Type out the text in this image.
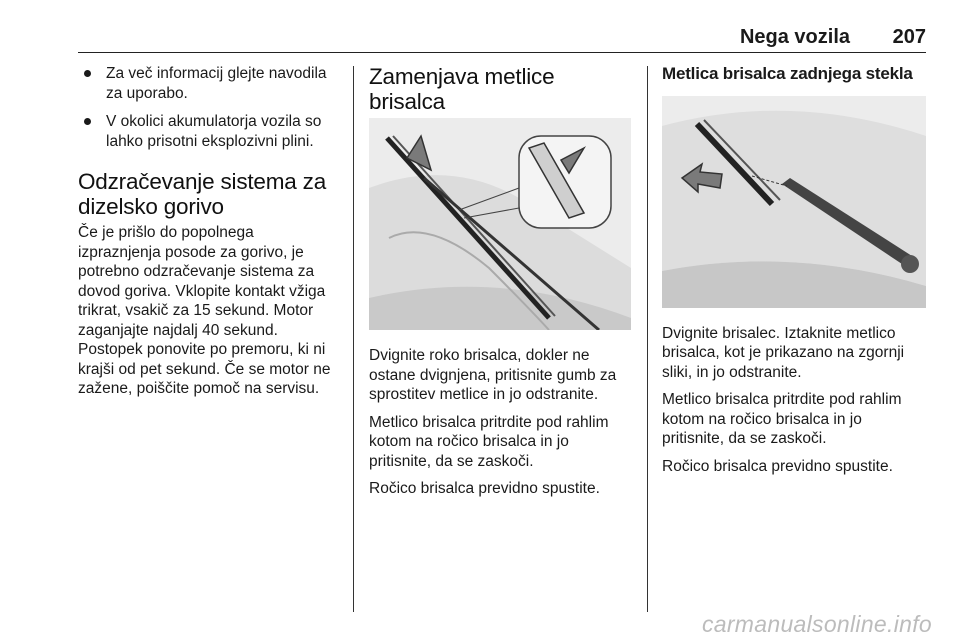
Nega vozila 207
Za več informacij glejte navodila za uporabo.
V okolici akumulatorja vozila so lahko prisotni eksplozivni plini.
Odzračevanje sistema za dizelsko gorivo

Če je prišlo do popolnega izpraznjenja posode za gorivo, je potrebno odzračevanje sistema za dovod goriva. Vklopite kontakt vžiga trikrat, vsakič za 15 sekund. Motor zaganjajte najdalj 40 sekund. Postopek ponovite po premoru, ki ni krajši od pet sekund. Če se motor ne zažene, poiščite pomoč na servisu.

Zamenjava metlice brisalca

Dvignite roko brisalca, dokler ne ostane dvignjena, pritisnite gumb za sprostitev metlice in jo odstranite.

Metlico brisalca pritrdite pod rahlim kotom na ročico brisalca in jo pritisnite, da se zaskoči.

Ročico brisalca previdno spustite.

Metlica brisalca zadnjega stekla

Dvignite brisalec. Iztaknite metlico brisalca, kot je prikazano na zgornji sliki, in jo odstranite.

Metlico brisalca pritrdite pod rahlim kotom na ročico brisalca in jo pritisnite, da se zaskoči.

Ročico brisalca previdno spustite.

carmanualsonline.info
